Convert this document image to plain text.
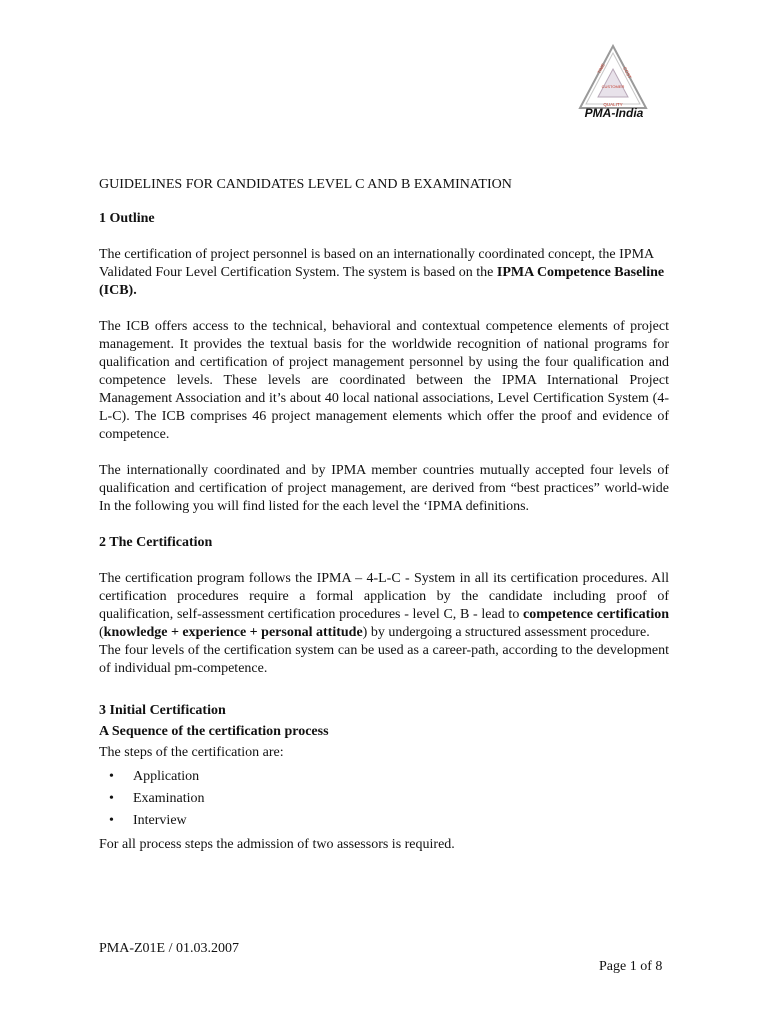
TIME	COST
CUSTOMER
QUALITY
PMA-India
GUIDELINES FOR CANDIDATES LEVEL C AND B EXAMINATION
1 Outline

The certification of project personnel is based on an internationally coordinated concept, the IPMA Validated Four Level Certification System. The system is based on the IPMA Competence Baseline (ICB).

The ICB offers access to the technical, behavioral and contextual competence elements of project management. It provides the textual basis for the worldwide recognition of national programs for qualification and certification of project management personnel by using the four qualification and competence levels. These levels are coordinated between the IPMA International Project Management Association and it’s about 40 local national associations, Level Certification System (4-L-C). The ICB comprises 46 project management elements which offer the proof and evidence of competence.

The internationally coordinated and by IPMA member countries mutually accepted four levels of qualification and certification of project management, are derived from “best practices” world-wide In the following you will find listed for the each level the ‘IPMA definitions.

2 The Certification

The certification program follows the IPMA – 4-L-C - System in all its certification procedures. All certification procedures require a formal application by the candidate including proof of qualification, self-assessment certification procedures - level C, B - lead to competence certification (knowledge + experience + personal attitude) by undergoing a structured assessment procedure.

The four levels of the certification system can be used as a career-path, according to the development of individual pm-competence.

3 Initial Certification
A Sequence of the certification process
The steps of the certification are:
• Application
• Examination
• Interview
For all process steps the admission of two assessors is required.
PMA-Z01E / 01.03.2007
Page 1 of 8
